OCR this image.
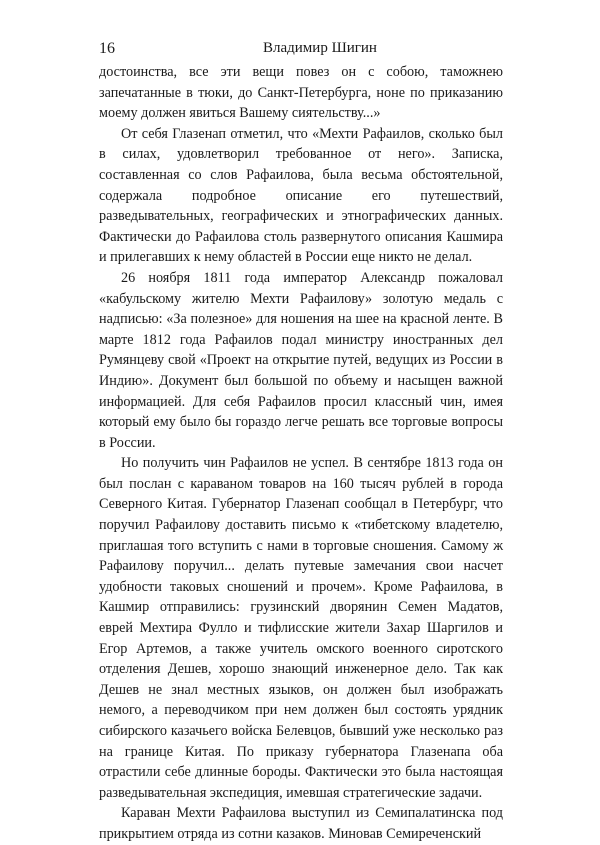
16	Владимир Шигин

достоинства, все эти вещи повез он с собою, таможнею запечатанные в тюки, до Санкт-Петербурга, ноне по приказанию моему должен явиться Вашему сиятельству...»

От себя Глазенап отметил, что «Мехти Рафаилов, сколько был в силах, удовлетворил требованное от него». Записка, составленная со слов Рафаилова, была весьма обстоятельной, содержала подробное описание его путешествий, разведывательных, географических и этнографических данных. Фактически до Рафаилова столь развернутого описания Кашмира и прилегавших к нему областей в России еще никто не делал.

26 ноября 1811 года император Александр пожаловал «кабульскому жителю Мехти Рафаилову» золотую медаль с надписью: «За полезное» для ношения на шее на красной ленте. В марте 1812 года Рафаилов подал министру иностранных дел Румянцеву свой «Проект на открытие путей, ведущих из России в Индию». Документ был большой по объему и насыщен важной информацией. Для себя Рафаилов просил классный чин, имея который ему было бы гораздо легче решать все торговые вопросы в России.

Но получить чин Рафаилов не успел. В сентябре 1813 года он был послан с караваном товаров на 160 тысяч рублей в города Северного Китая. Губернатор Глазенап сообщал в Петербург, что поручил Рафаилову доставить письмо к «тибетскому владетелю, приглашая того вступить с нами в торговые сношения. Самому ж Рафаилову поручил... делать путевые замечания свои насчет удобности таковых сношений и прочем». Кроме Рафаилова, в Кашмир отправились: грузинский дворянин Семен Мадатов, еврей Мехтира Фулло и тифлисские жители Захар Шаргилов и Егор Артемов, а также учитель омского военного сиротского отделения Дешев, хорошо знающий инженерное дело. Так как Дешев не знал местных языков, он должен был изображать немого, а переводчиком при нем должен был состоять урядник сибирского казачьего войска Белевцов, бывший уже несколько раз на границе Китая. По приказу губернатора Глазенапа оба отрастили себе длинные бороды. Фактически это была настоящая разведывательная экспедиция, имевшая стратегические задачи.

Караван Мехти Рафаилова выступил из Семипалатинска под прикрытием отряда из сотни казаков. Миновав Семиреченский
